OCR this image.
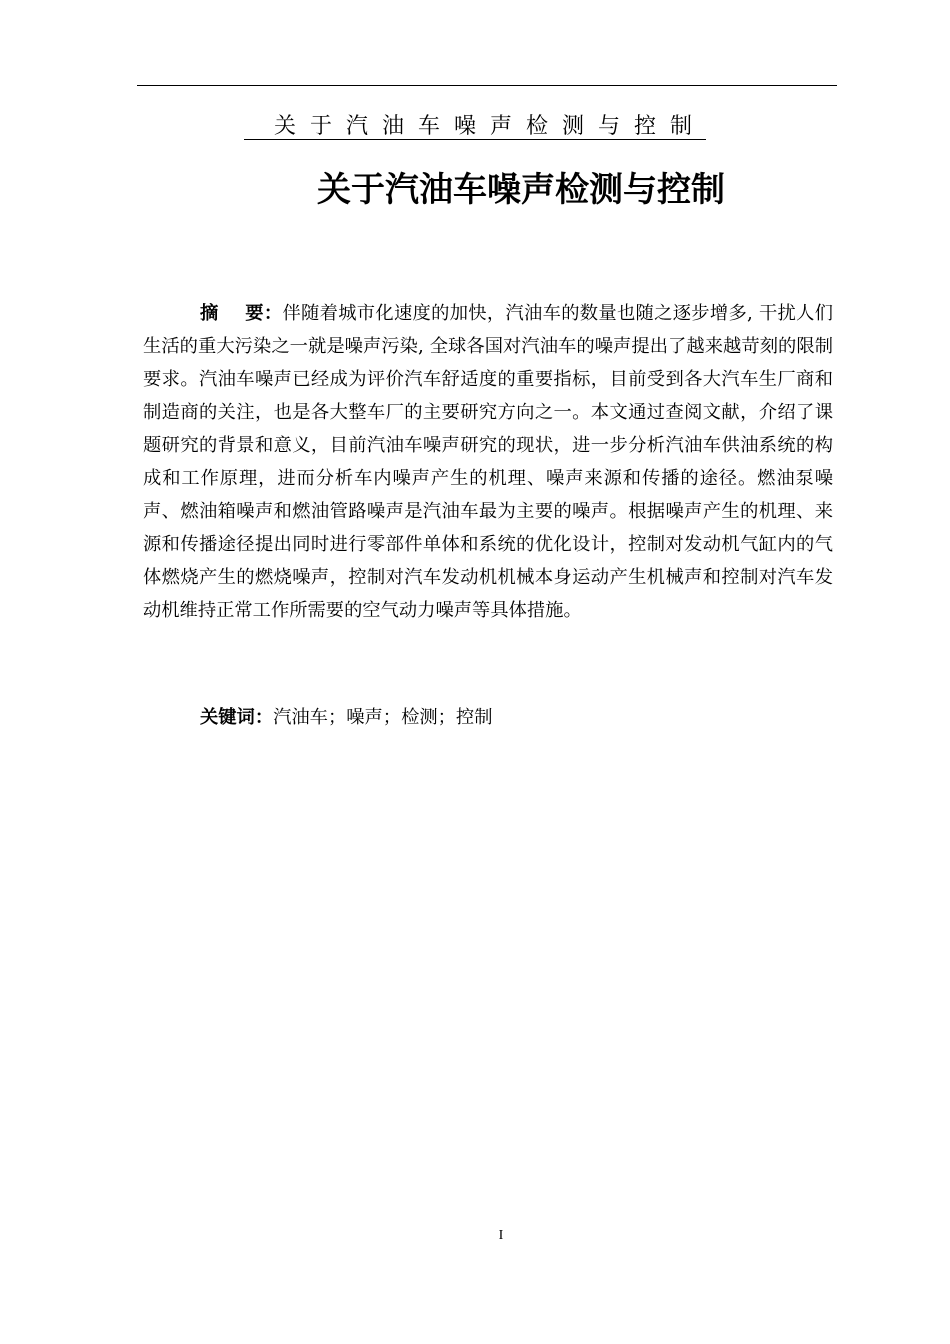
关于汽油车噪声检测与控制
关于汽油车噪声检测与控制
摘    要：伴随着城市化速度的加快，汽油车的数量也随之逐步增多, 干扰人们生活的重大污染之一就是噪声污染, 全球各国对汽油车的噪声提出了越来越苛刻的限制要求。汽油车噪声已经成为评价汽车舒适度的重要指标，目前受到各大汽车生厂商和制造商的关注，也是各大整车厂的主要研究方向之一。本文通过查阅文献，介绍了课题研究的背景和意义，目前汽油车噪声研究的现状，进一步分析汽油车供油系统的构成和工作原理，进而分析车内噪声产生的机理、噪声来源和传播的途径。燃油泵噪声、燃油箱噪声和燃油管路噪声是汽油车最为主要的噪声。根据噪声产生的机理、来源和传播途径提出同时进行零部件单体和系统的优化设计，控制对发动机气缸内的气体燃烧产生的燃烧噪声，控制对汽车发动机机械本身运动产生机械声和控制对汽车发动机维持正常工作所需要的空气动力噪声等具体措施。
关键词：汽油车；噪声；检测；控制
I
